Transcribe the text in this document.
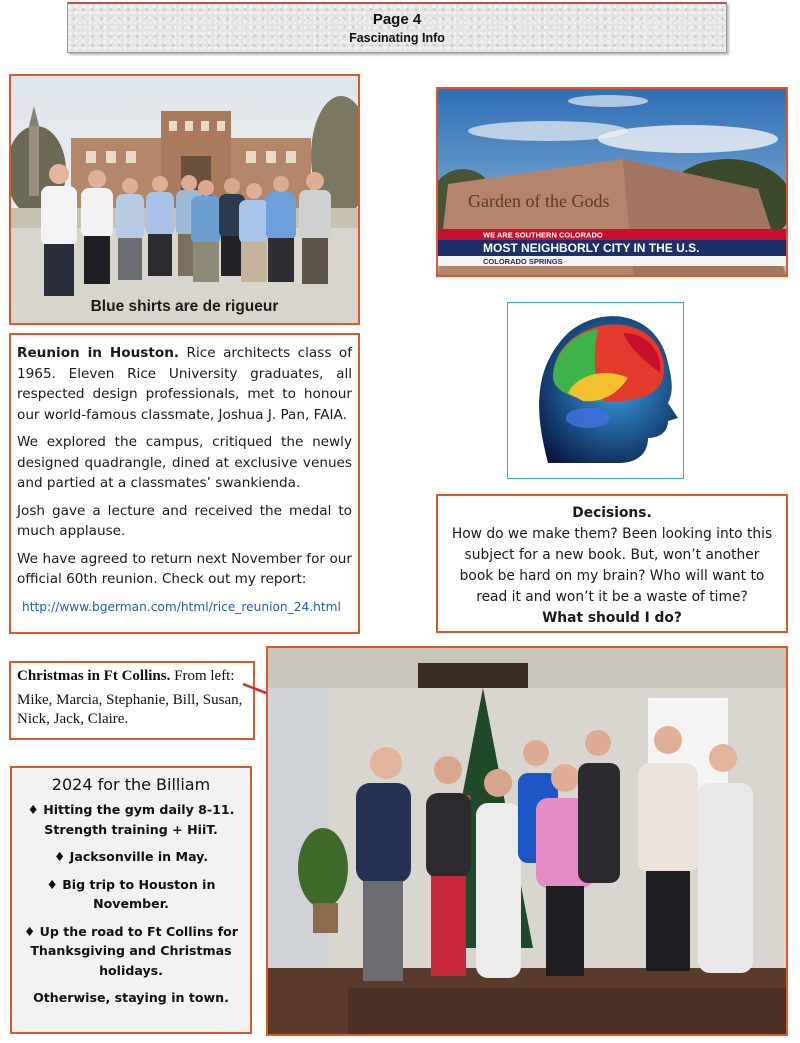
Page 4
Fascinating Info
Blue shirts are de rigueur

Reunion in Houston. Rice architects class of 1965. Eleven Rice University graduates, all respected design professionals, met to honour our world-famous classmate, Joshua J. Pan, FAIA.

We explored the campus, critiqued the newly designed quadrangle, dined at exclusive venues and partied at a classmates’ swankienda.

Josh gave a lecture and received the medal to much applause.

We have agreed to return next November for our official 60th reunion. Check out my report:

http://www.bgerman.com/html/rice_reunion_24.html
Garden of the Gods
WE ARE SOUTHERN COLORADO
MOST NEIGHBORLY CITY IN THE U.S.
COLORADO SPRINGS
Decisions.
How do we make them? Been looking into this subject for a new book. But, won’t another book be hard on my brain? Who will want to read it and won’t it be a waste of time?
What should I do?
Christmas in Ft Collins. From left:
Mike, Marcia, Stephanie, Bill, Susan, Nick, Jack, Claire.
2024 for the Billiam
♦ Hitting the gym daily 8-11. Strength training + HiiT.
♦ Jacksonville in May.
♦ Big trip to Houston in November.
♦ Up the road to Ft Collins for Thanksgiving and Christmas holidays.
Otherwise, staying in town.
